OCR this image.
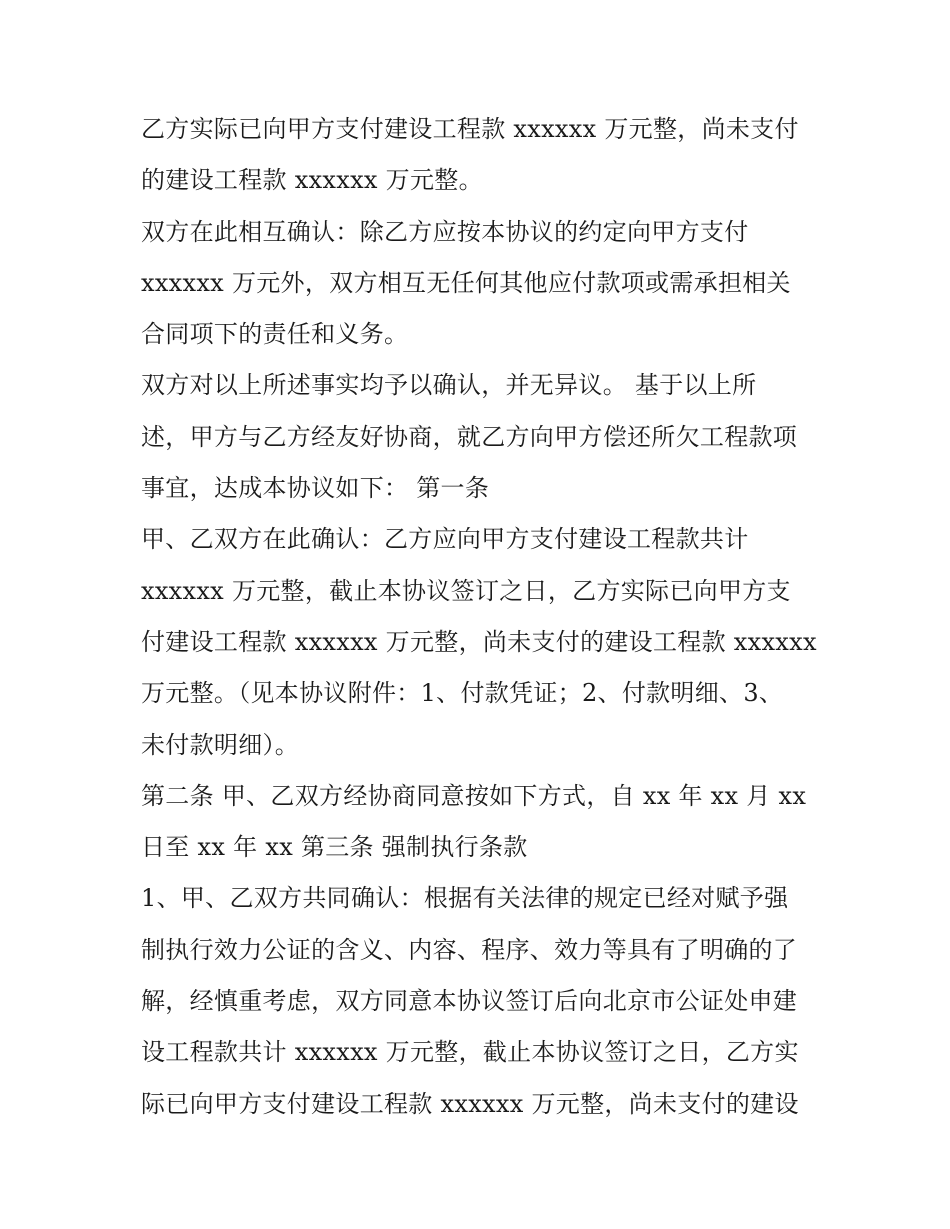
乙方实际已向甲方支付建设工程款 xxxxxx 万元整，尚未支付
的建设工程款 xxxxxx 万元整。
双方在此相互确认：除乙方应按本协议的约定向甲方支付
xxxxxx 万元外，双方相互无任何其他应付款项或需承担相关
合同项下的责任和义务。
双方对以上所述事实均予以确认，并无异议。 基于以上所
述，甲方与乙方经友好协商，就乙方向甲方偿还所欠工程款项
事宜，达成本协议如下： 第一条
甲、乙双方在此确认：乙方应向甲方支付建设工程款共计
xxxxxx 万元整，截止本协议签订之日，乙方实际已向甲方支
付建设工程款 xxxxxx 万元整，尚未支付的建设工程款 xxxxxx
万元整。（见本协议附件：1、付款凭证；2、付款明细、3、
未付款明细）。
第二条 甲、乙双方经协商同意按如下方式，自 xx 年 xx 月 xx
日至 xx 年 xx 第三条 强制执行条款
1、甲、乙双方共同确认：根据有关法律的规定已经对赋予强
制执行效力公证的含义、内容、程序、效力等具有了明确的了
解，经慎重考虑，双方同意本协议签订后向北京市公证处申建
设工程款共计 xxxxxx 万元整，截止本协议签订之日，乙方实
际已向甲方支付建设工程款 xxxxxx 万元整，尚未支付的建设
